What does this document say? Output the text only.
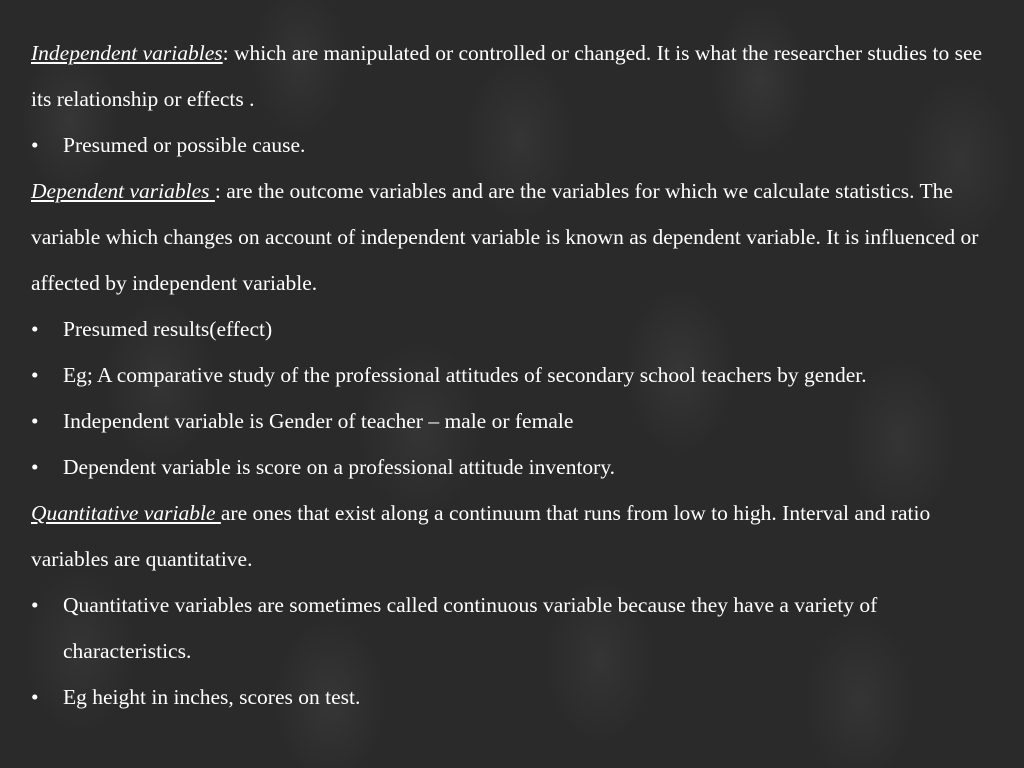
Independent variables: which are manipulated or controlled or changed. It is what the researcher studies to see its relationship or effects .

•	Presumed or possible cause.

Dependent variables : are the outcome variables and are the variables for which we calculate statistics. The variable which changes on account of independent variable is known as dependent variable. It is influenced or affected by independent variable.

•	Presumed results(effect)

•	Eg; A comparative study of the professional attitudes of secondary school teachers by gender.

•	Independent variable is Gender of teacher – male or female

•	Dependent variable is score on a professional attitude inventory.

Quantitative variable are ones that exist along a continuum that runs from low to high. Interval and ratio variables are quantitative.

•	Quantitative variables are sometimes called continuous variable because they have a variety of characteristics.

•	Eg height in inches, scores on test.
